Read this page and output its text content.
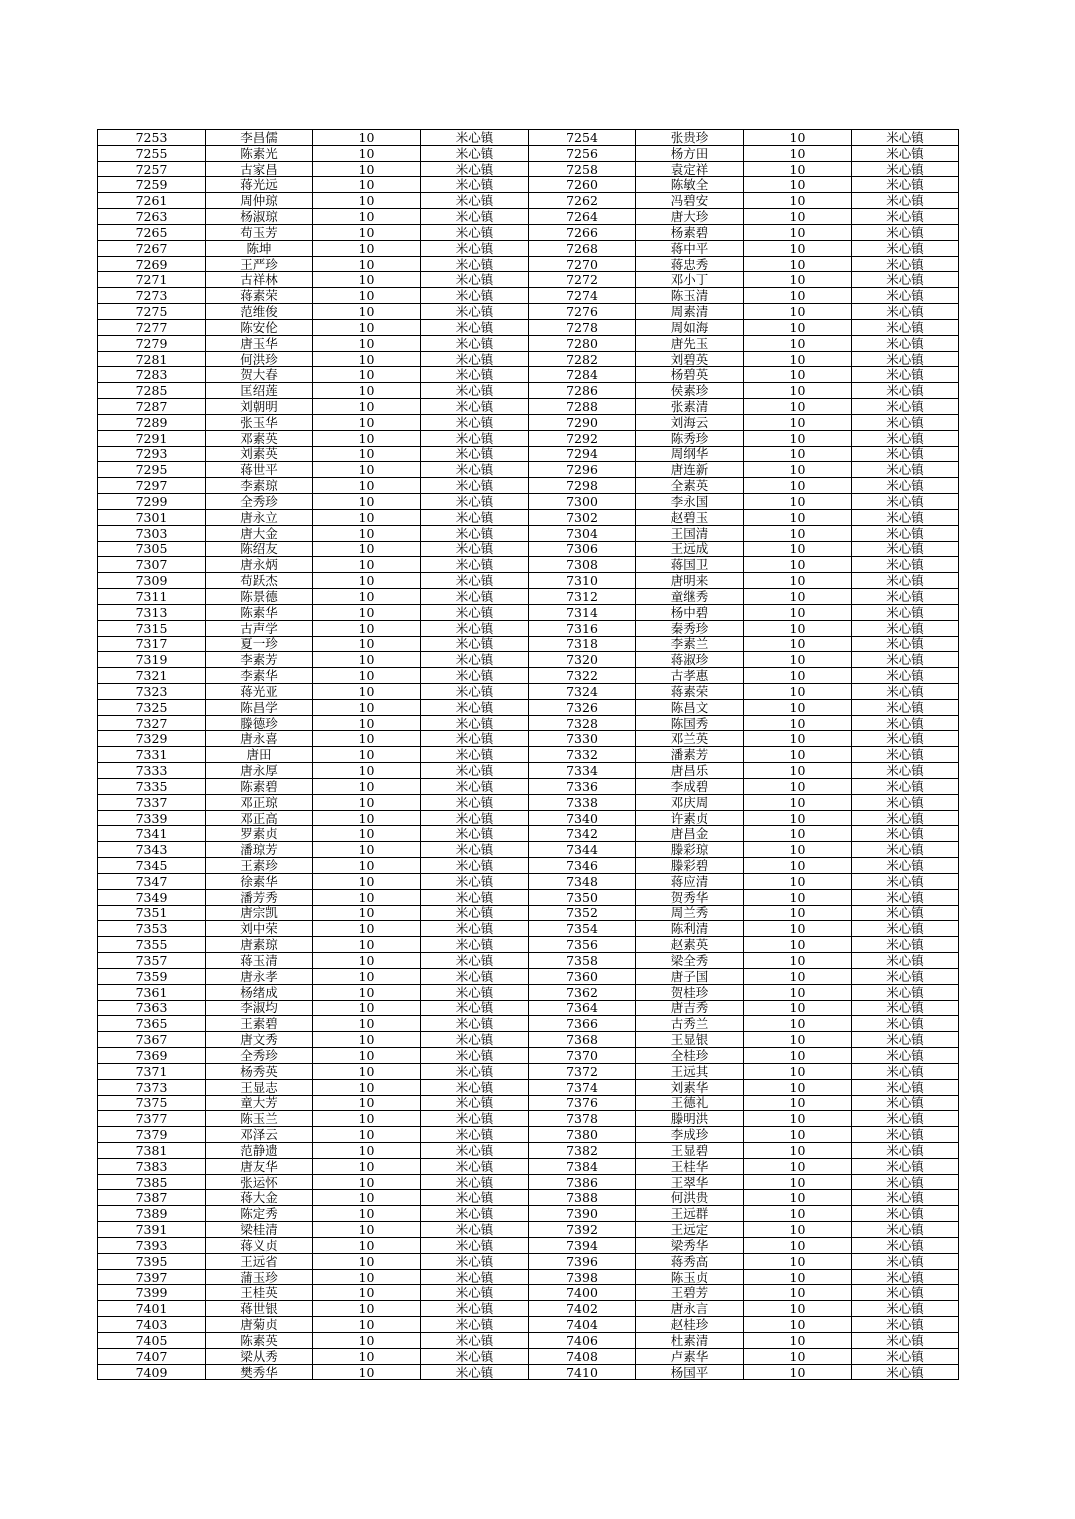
7253	李昌儒	10	米心镇	7254	张贵珍	10	米心镇
7255	陈素光	10	米心镇	7256	杨方田	10	米心镇
7257	古家昌	10	米心镇	7258	袁定祥	10	米心镇
7259	蒋光远	10	米心镇	7260	陈敏全	10	米心镇
7261	周仲琼	10	米心镇	7262	冯碧安	10	米心镇
7263	杨淑琼	10	米心镇	7264	唐大珍	10	米心镇
7265	苟玉芳	10	米心镇	7266	杨素碧	10	米心镇
7267	陈坤	10	米心镇	7268	蒋中平	10	米心镇
7269	王严珍	10	米心镇	7270	蒋忠秀	10	米心镇
7271	古祥林	10	米心镇	7272	邓小丁	10	米心镇
7273	蒋素荣	10	米心镇	7274	陈玉清	10	米心镇
7275	范维俊	10	米心镇	7276	周素清	10	米心镇
7277	陈安伦	10	米心镇	7278	周如海	10	米心镇
7279	唐玉华	10	米心镇	7280	唐先玉	10	米心镇
7281	何洪珍	10	米心镇	7282	刘碧英	10	米心镇
7283	贺大春	10	米心镇	7284	杨碧英	10	米心镇
7285	匡绍莲	10	米心镇	7286	侯素珍	10	米心镇
7287	刘朝明	10	米心镇	7288	张素清	10	米心镇
7289	张玉华	10	米心镇	7290	刘海云	10	米心镇
7291	邓素英	10	米心镇	7292	陈秀珍	10	米心镇
7293	刘素英	10	米心镇	7294	周纲华	10	米心镇
7295	蒋世平	10	米心镇	7296	唐连新	10	米心镇
7297	李素琼	10	米心镇	7298	全素英	10	米心镇
7299	全秀珍	10	米心镇	7300	李永国	10	米心镇
7301	唐永立	10	米心镇	7302	赵碧玉	10	米心镇
7303	唐大金	10	米心镇	7304	王国清	10	米心镇
7305	陈绍友	10	米心镇	7306	王远成	10	米心镇
7307	唐永炳	10	米心镇	7308	蒋国卫	10	米心镇
7309	苟跃杰	10	米心镇	7310	唐明来	10	米心镇
7311	陈景德	10	米心镇	7312	童继秀	10	米心镇
7313	陈素华	10	米心镇	7314	杨中碧	10	米心镇
7315	古声学	10	米心镇	7316	秦秀珍	10	米心镇
7317	夏一珍	10	米心镇	7318	李素兰	10	米心镇
7319	李素芳	10	米心镇	7320	蒋淑珍	10	米心镇
7321	李素华	10	米心镇	7322	古孝惠	10	米心镇
7323	蒋光亚	10	米心镇	7324	蒋素荣	10	米心镇
7325	陈昌学	10	米心镇	7326	陈昌文	10	米心镇
7327	滕德珍	10	米心镇	7328	陈国秀	10	米心镇
7329	唐永喜	10	米心镇	7330	邓兰英	10	米心镇
7331	唐田	10	米心镇	7332	潘素芳	10	米心镇
7333	唐永厚	10	米心镇	7334	唐昌乐	10	米心镇
7335	陈素碧	10	米心镇	7336	李成碧	10	米心镇
7337	邓正琼	10	米心镇	7338	邓庆周	10	米心镇
7339	邓正高	10	米心镇	7340	许素贞	10	米心镇
7341	罗素贞	10	米心镇	7342	唐昌金	10	米心镇
7343	潘琼芳	10	米心镇	7344	滕彩琼	10	米心镇
7345	王素珍	10	米心镇	7346	滕彩碧	10	米心镇
7347	徐素华	10	米心镇	7348	蒋应清	10	米心镇
7349	潘芳秀	10	米心镇	7350	贺秀华	10	米心镇
7351	唐宗凯	10	米心镇	7352	周兰秀	10	米心镇
7353	刘中荣	10	米心镇	7354	陈利清	10	米心镇
7355	唐素琼	10	米心镇	7356	赵素英	10	米心镇
7357	蒋玉清	10	米心镇	7358	梁全秀	10	米心镇
7359	唐永孝	10	米心镇	7360	唐子国	10	米心镇
7361	杨绪成	10	米心镇	7362	贺桂珍	10	米心镇
7363	李淑均	10	米心镇	7364	唐吉秀	10	米心镇
7365	王素碧	10	米心镇	7366	古秀兰	10	米心镇
7367	唐文秀	10	米心镇	7368	王显银	10	米心镇
7369	全秀珍	10	米心镇	7370	全桂珍	10	米心镇
7371	杨秀英	10	米心镇	7372	王远其	10	米心镇
7373	王显志	10	米心镇	7374	刘素华	10	米心镇
7375	童大芳	10	米心镇	7376	王德礼	10	米心镇
7377	陈玉兰	10	米心镇	7378	滕明洪	10	米心镇
7379	邓泽云	10	米心镇	7380	李成珍	10	米心镇
7381	范静遗	10	米心镇	7382	王显碧	10	米心镇
7383	唐友华	10	米心镇	7384	王桂华	10	米心镇
7385	张运怀	10	米心镇	7386	王翠华	10	米心镇
7387	蒋大金	10	米心镇	7388	何洪贵	10	米心镇
7389	陈定秀	10	米心镇	7390	王远群	10	米心镇
7391	梁桂清	10	米心镇	7392	王远定	10	米心镇
7393	蒋义贞	10	米心镇	7394	梁秀华	10	米心镇
7395	王远省	10	米心镇	7396	蒋秀高	10	米心镇
7397	蒲玉珍	10	米心镇	7398	陈玉贞	10	米心镇
7399	王桂英	10	米心镇	7400	王碧芳	10	米心镇
7401	蒋世银	10	米心镇	7402	唐永言	10	米心镇
7403	唐菊贞	10	米心镇	7404	赵桂珍	10	米心镇
7405	陈素英	10	米心镇	7406	杜素清	10	米心镇
7407	梁从秀	10	米心镇	7408	卢素华	10	米心镇
7409	樊秀华	10	米心镇	7410	杨国平	10	米心镇
